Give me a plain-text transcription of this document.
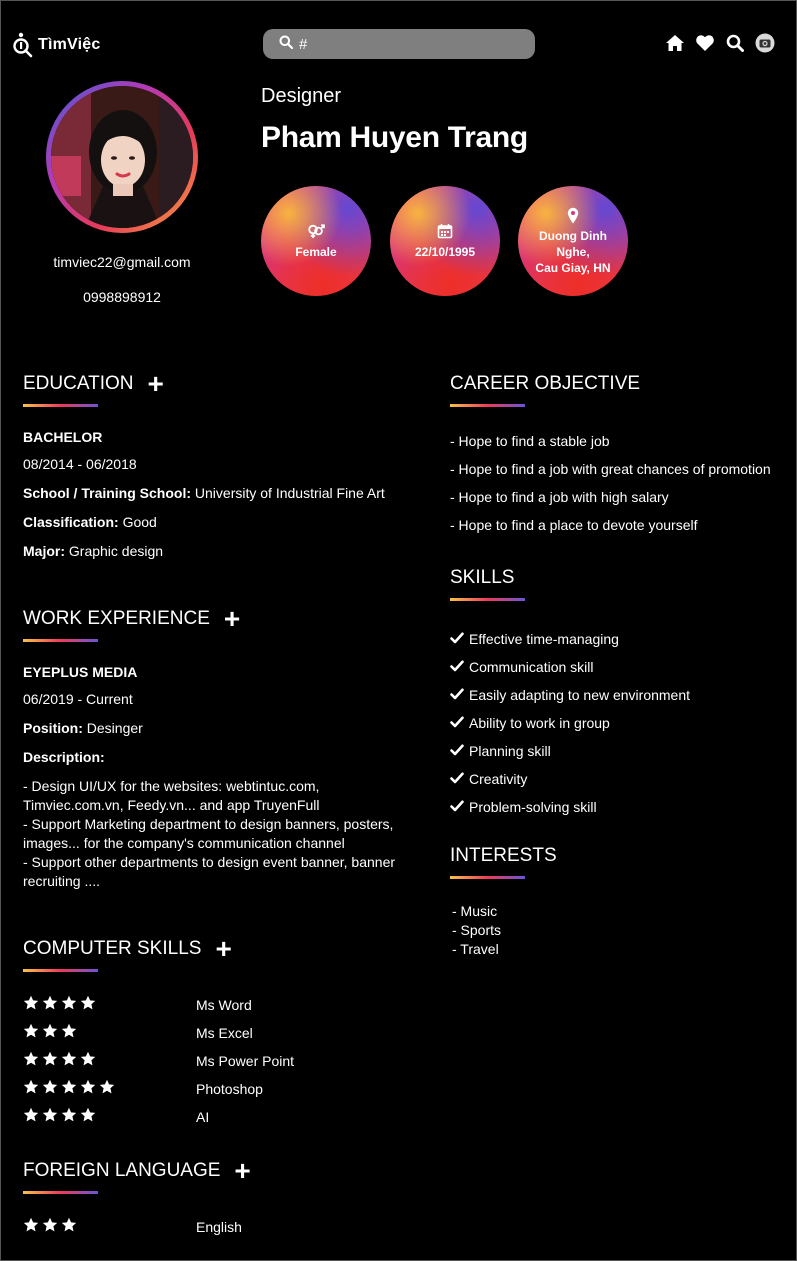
TìmViệc
#
timviec22@gmail.com
0998898912
Designer
Pham Huyen Trang
Female	22/10/1995
Duong Dinh Nghe,
Cau Giay, HN
EDUCATION +
BACHELOR
08/2014 - 06/2018
School / Training School: University of Industrial Fine Art
Classification: Good
Major: Graphic design
WORK EXPERIENCE +
EYEPLUS MEDIA
06/2019 - Current
Position: Desinger
Description:
- Design UI/UX for the websites: webtintuc.com,
Timviec.com.vn, Feedy.vn... and app TruyenFull
- Support Marketing department to design banners, posters,
images... for the company's communication channel
- Support other departments to design event banner, banner
recruiting ....
COMPUTER SKILLS +
Ms Word
Ms Excel
Ms Power Point
Photoshop
AI
FOREIGN LANGUAGE +
English
CAREER OBJECTIVE
- Hope to find a stable job
- Hope to find a job with great chances of promotion
- Hope to find a job with high salary
- Hope to find a place to devote yourself
SKILLS
Effective time-managing
Communication skill
Easily adapting to new environment
Ability to work in group
Planning skill
Creativity
Problem-solving skill
INTERESTS
- Music
- Sports
- Travel
